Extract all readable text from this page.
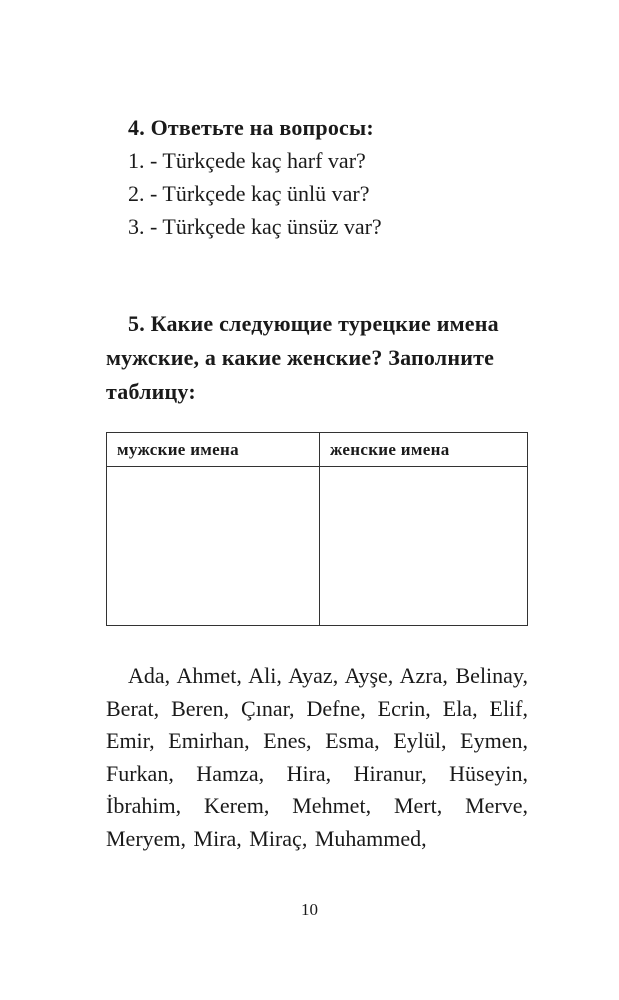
4. Ответьте на вопросы:
1. - Türkçede kaç harf var?
2. - Türkçede kaç ünlü var?
3. - Türkçede kaç ünsüz var?
5. Какие следующие турецкие имена мужские, а какие женские? Заполните таблицу:
мужские имена	женские имена
Ada, Ahmet, Ali, Ayaz, Ayşe, Azra, Belinay, Berat, Beren, Çınar, Defne, Ecrin, Ela, Elif, Emir, Emirhan, Enes, Esma, Eylül, Eymen, Furkan, Hamza, Hira, Hiranur, Hüseyin, İbrahim, Kerem, Mehmet, Mert, Merve, Meryem, Mira, Miraç, Muhammed,
10
